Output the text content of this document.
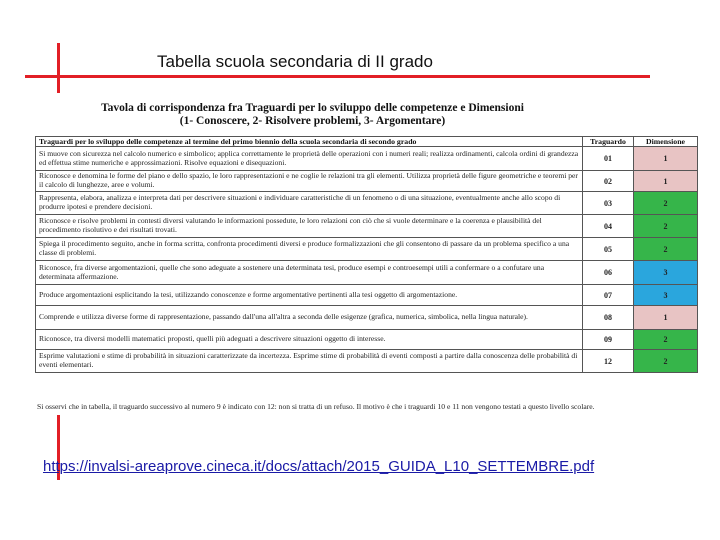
Tabella scuola secondaria di II grado
Tavola di corrispondenza fra Traguardi per lo sviluppo delle competenze e Dimensioni
(1- Conoscere, 2- Risolvere problemi, 3- Argomentare)
Traguardi per lo sviluppo delle competenze al termine del primo biennio della scuola secondaria di secondo grado	Traguardo	Dimensione
Si muove con sicurezza nel calcolo numerico e simbolico; applica correttamente le proprietà delle operazioni con i numeri reali; realizza ordinamenti, calcola ordini di grandezza ed effettua stime numeriche e approssimazioni. Risolve equazioni e disequazioni.	01	1
Riconosce e denomina le forme del piano e dello spazio, le loro rappresentazioni e ne coglie le relazioni tra gli elementi. Utilizza proprietà delle figure geometriche e teoremi per il calcolo di lunghezze, aree e volumi.	02	1
Rappresenta, elabora, analizza e interpreta dati per descrivere situazioni e individuare caratteristiche di un fenomeno o di una situazione, eventualmente anche allo scopo di produrre ipotesi e prendere decisioni.	03	2
Riconosce e risolve problemi in contesti diversi valutando le informazioni possedute, le loro relazioni con ciò che si vuole determinare e la coerenza e plausibilità del procedimento risolutivo e dei risultati trovati.	04	2
Spiega il procedimento seguito, anche in forma scritta, confronta procedimenti diversi e produce formalizzazioni che gli consentono di passare da un problema specifico a una classe di problemi.	05	2
Riconosce, fra diverse argomentazioni, quelle che sono adeguate a sostenere una determinata tesi, produce esempi e controesempi utili a confermare o a confutare una determinata affermazione.	06	3
Produce argomentazioni esplicitando la tesi, utilizzando conoscenze e forme argomentative pertinenti alla tesi oggetto di argomentazione.	07	3
Comprende e utilizza diverse forme di rappresentazione, passando dall'una all'altra a seconda delle esigenze (grafica, numerica, simbolica, nella lingua naturale).	08	1
Riconosce, tra diversi modelli matematici proposti, quelli più adeguati a descrivere situazioni oggetto di interesse.	09	2
Esprime valutazioni e stime di probabilità in situazioni caratterizzate da incertezza. Esprime stime di probabilità di eventi composti a partire dalla conoscenza delle probabilità di eventi elementari.	12	2
Si osservi che in tabella, il traguardo successivo al numero 9 è indicato con 12: non si tratta di un refuso. Il motivo è che i traguardi 10 e 11 non vengono testati a questo livello scolare.
https://invalsi-areaprove.cineca.it/docs/attach/2015_GUIDA_L10_SETTEMBRE.pdf
